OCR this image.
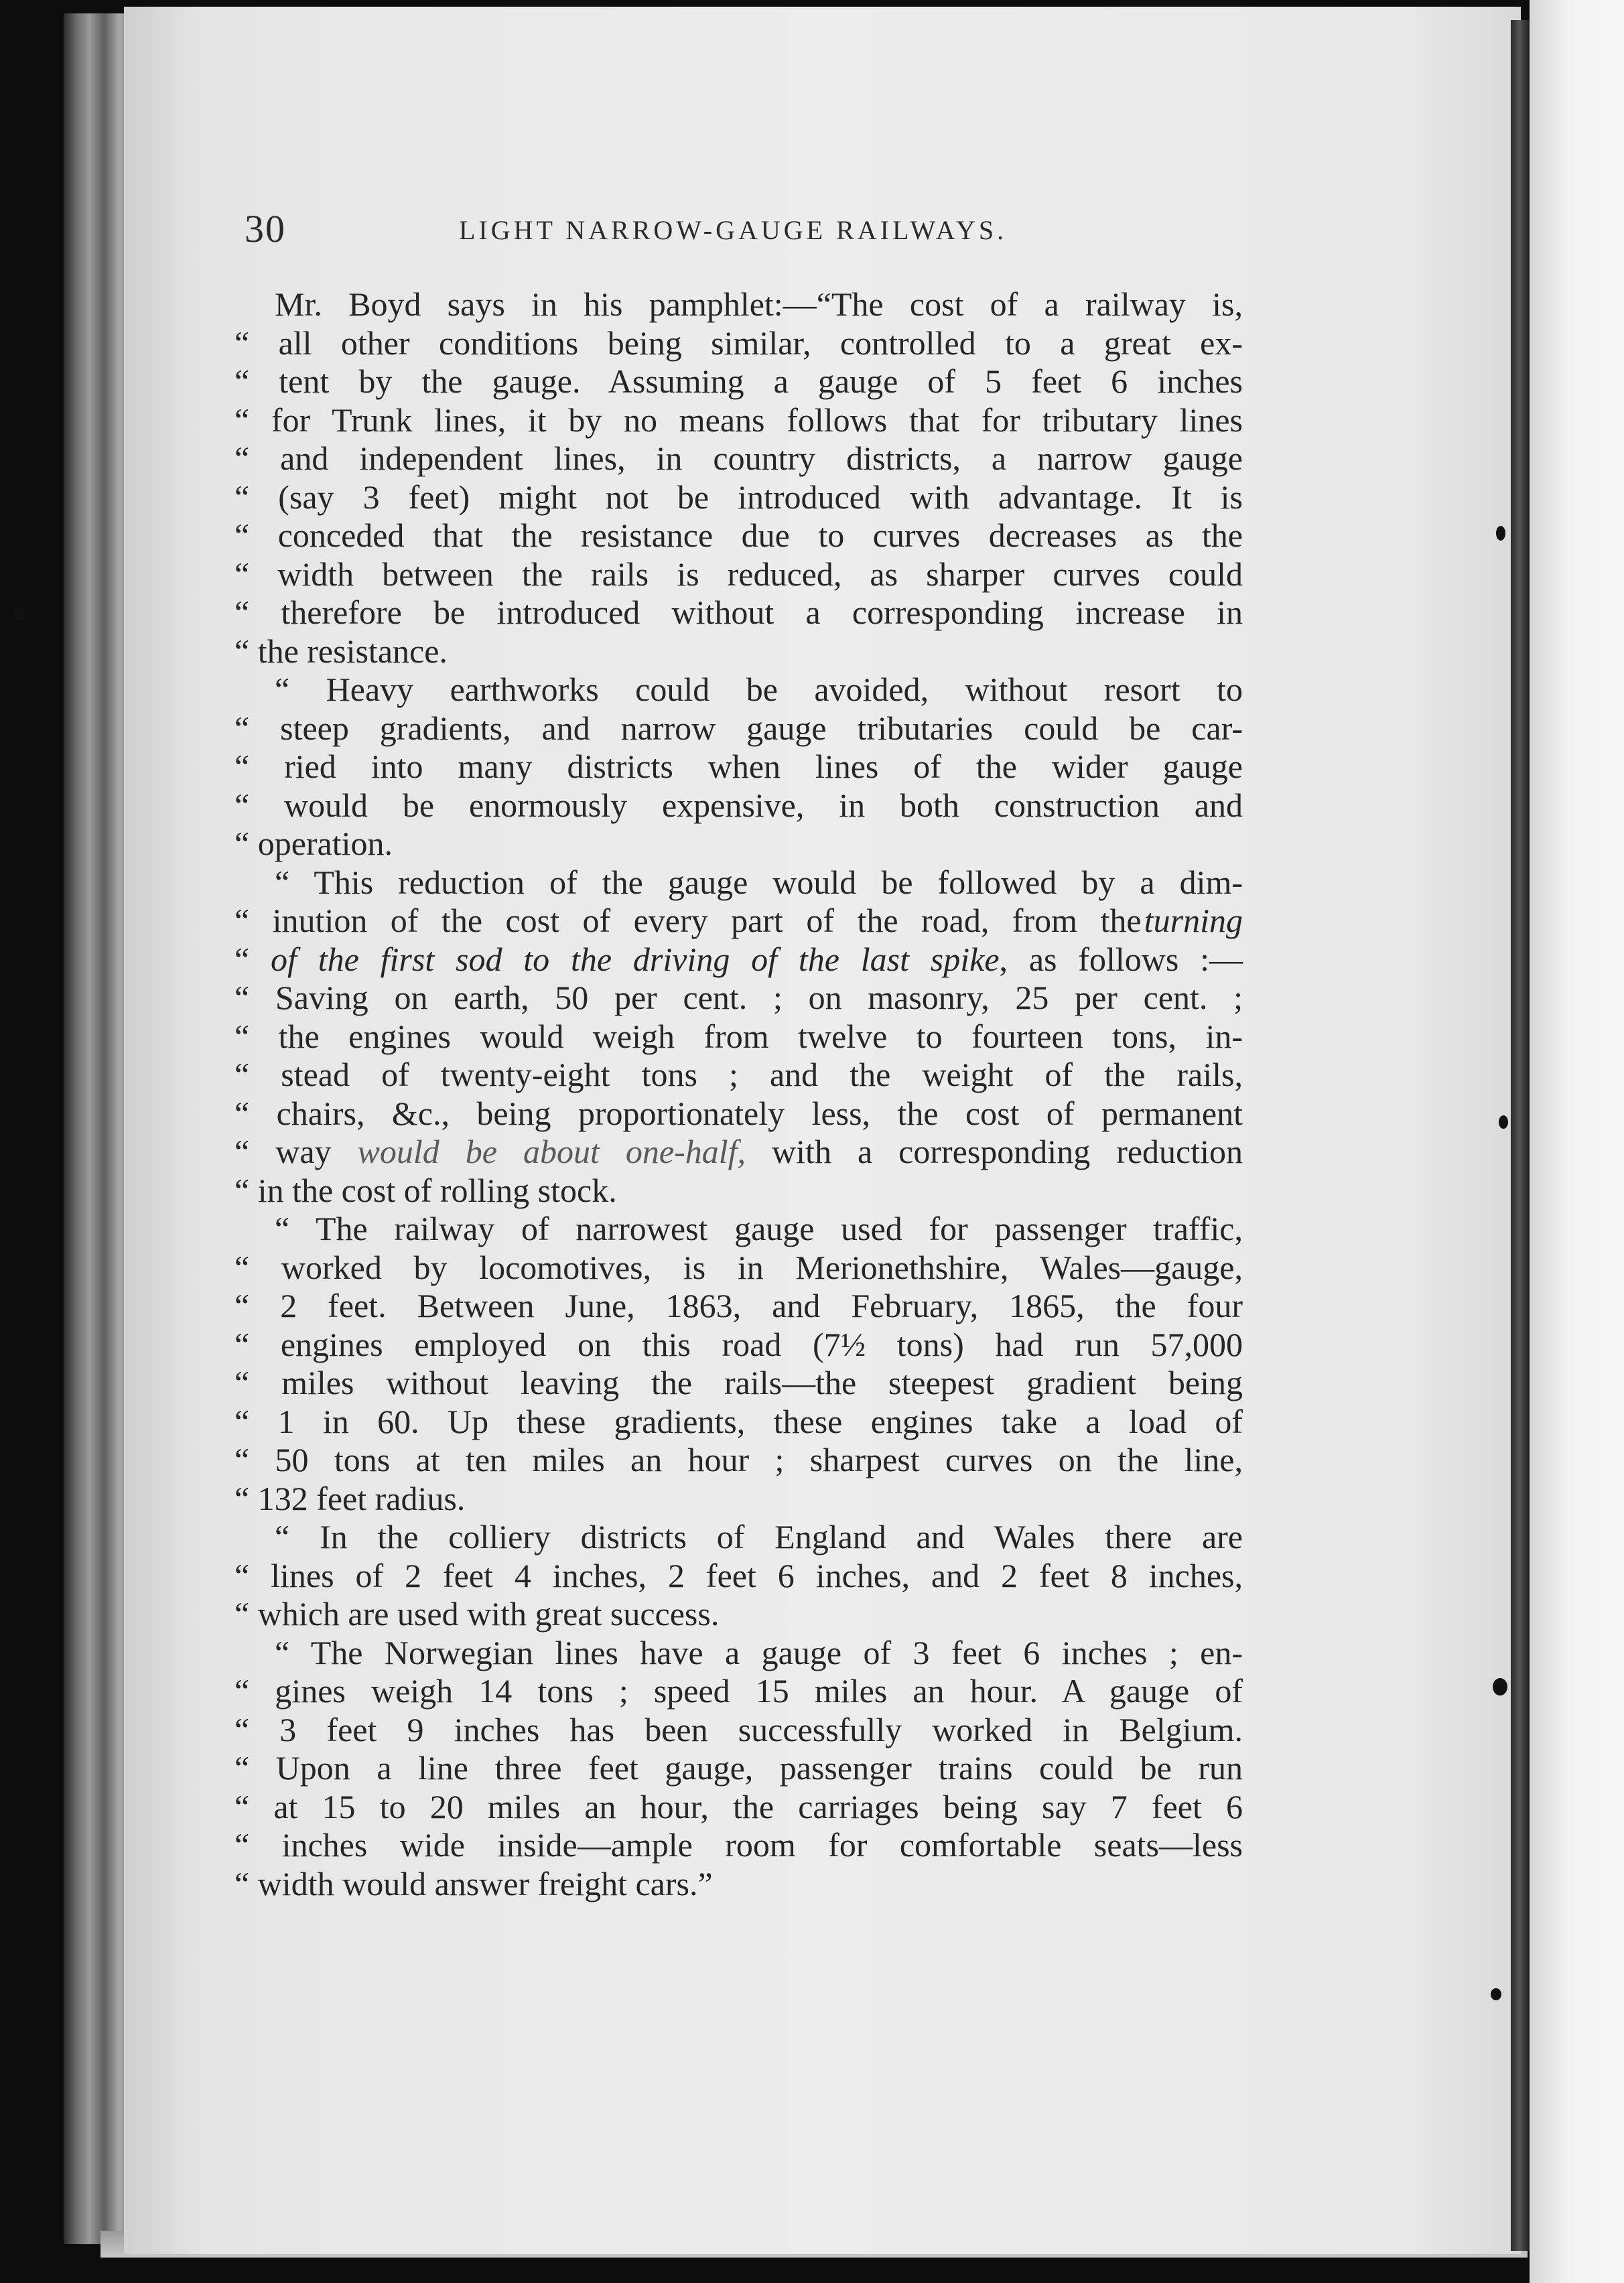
30	LIGHT NARROW-GAUGE RAILWAYS.
Mr. Boyd says in his pamphlet:—“The cost of a railway is,
“ all other conditions being similar, controlled to a great ex-
“ tent by the gauge. Assuming a gauge of 5 feet 6 inches
“ for Trunk lines, it by no means follows that for tributary lines
“ and independent lines, in country districts, a narrow gauge
“ (say 3 feet) might not be introduced with advantage. It is
“ conceded that the resistance due to curves decreases as the
“ width between the rails is reduced, as sharper curves could
“ therefore be introduced without a corresponding increase in
“ the resistance.
“ Heavy earthworks could be avoided, without resort to
“ steep gradients, and narrow gauge tributaries could be car-
“ ried into many districts when lines of the wider gauge
“ would be enormously expensive, in both construction and
“ operation.
“ This reduction of the gauge would be followed by a dim-
“ inution of the cost of every part of the road, from the turning
“ of the first sod to the driving of the last spike, as follows :—
“ Saving on earth, 50 per cent. ; on masonry, 25 per cent. ;
“ the engines would weigh from twelve to fourteen tons, in-
“ stead of twenty-eight tons ; and the weight of the rails,
“ chairs, &c., being proportionately less, the cost of permanent
“ way would be about one-half, with a corresponding reduction
“ in the cost of rolling stock.
“ The railway of narrowest gauge used for passenger traffic,
“ worked by locomotives, is in Merionethshire, Wales—gauge,
“ 2 feet. Between June, 1863, and February, 1865, the four
“ engines employed on this road (7½ tons) had run 57,000
“ miles without leaving the rails—the steepest gradient being
“ 1 in 60. Up these gradients, these engines take a load of
“ 50 tons at ten miles an hour ; sharpest curves on the line,
“ 132 feet radius.
“ In the colliery districts of England and Wales there are
“ lines of 2 feet 4 inches, 2 feet 6 inches, and 2 feet 8 inches,
“ which are used with great success.
“ The Norwegian lines have a gauge of 3 feet 6 inches ; en-
“ gines weigh 14 tons ; speed 15 miles an hour. A gauge of
“ 3 feet 9 inches has been successfully worked in Belgium.
“ Upon a line three feet gauge, passenger trains could be run
“ at 15 to 20 miles an hour, the carriages being say 7 feet 6
“ inches wide inside—ample room for comfortable seats—less
“ width would answer freight cars.”
